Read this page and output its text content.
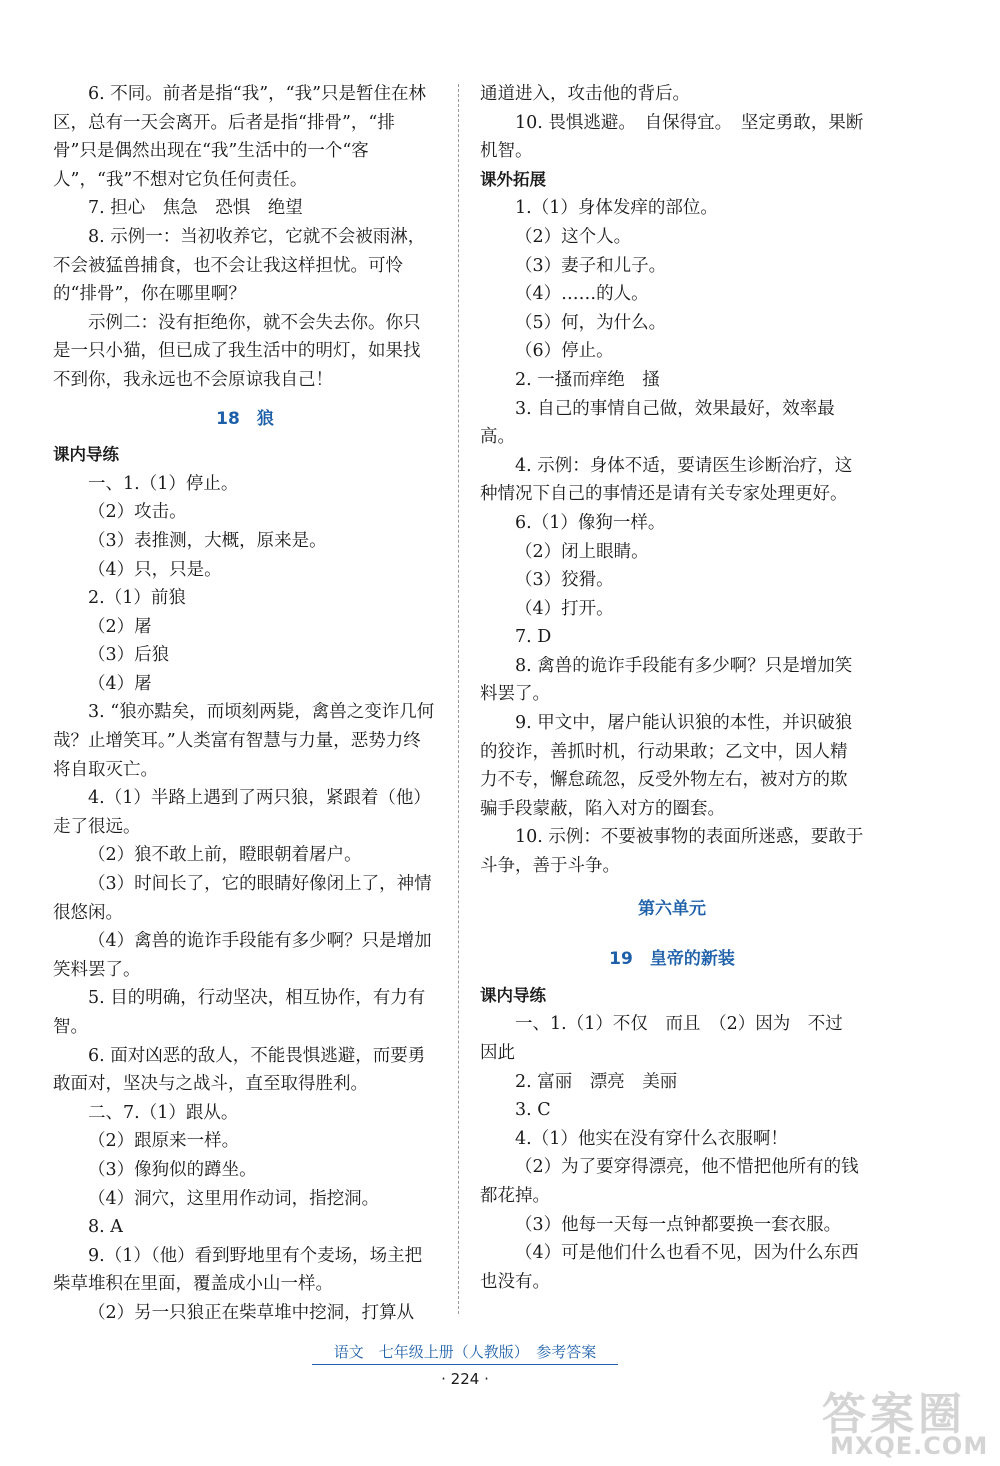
6. 不同。前者是指“我”，“我”只是暂住在林区，总有一天会离开。后者是指“排骨”，“排骨”只是偶然出现在“我”生活中的一个“客人”，“我”不想对它负任何责任。

7. 担心　焦急　恐惧　绝望

8. 示例一：当初收养它，它就不会被雨淋，不会被猛兽捕食，也不会让我这样担忧。可怜的“排骨”，你在哪里啊？

示例二：没有拒绝你，就不会失去你。你只是一只小猫，但已成了我生活中的明灯，如果找不到你，我永远也不会原谅我自己！

18　狼

课内导练

一、1.（1）停止。

（2）攻击。

（3）表推测，大概，原来是。

（4）只，只是。

2.（1）前狼

（2）屠

（3）后狼

（4）屠

3. “狼亦黠矣，而顷刻两毙，禽兽之变诈几何哉？止增笑耳。”人类富有智慧与力量，恶势力终将自取灭亡。

4.（1）半路上遇到了两只狼，紧跟着（他）走了很远。

（2）狼不敢上前，瞪眼朝着屠户。

（3）时间长了，它的眼睛好像闭上了，神情很悠闲。

（4）禽兽的诡诈手段能有多少啊？只是增加笑料罢了。

5. 目的明确，行动坚决，相互协作，有力有智。

6. 面对凶恶的敌人，不能畏惧逃避，而要勇敢面对，坚决与之战斗，直至取得胜利。

二、7.（1）跟从。

（2）跟原来一样。

（3）像狗似的蹲坐。

（4）洞穴，这里用作动词，指挖洞。

8. A

9.（1）（他）看到野地里有个麦场，场主把柴草堆积在里面，覆盖成小山一样。

（2）另一只狼正在柴草堆中挖洞，打算从

通道进入，攻击他的背后。

10. 畏惧逃避。　自保得宜。　坚定勇敢，果断机智。

课外拓展

1.（1）身体发痒的部位。

（2）这个人。

（3）妻子和儿子。

（4）……的人。

（5）何，为什么。

（6）停止。

2. 一搔而痒绝　搔

3. 自己的事情自己做，效果最好，效率最高。

4. 示例：身体不适，要请医生诊断治疗，这种情况下自己的事情还是请有关专家处理更好。

6.（1）像狗一样。

（2）闭上眼睛。

（3）狡猾。

（4）打开。

7. D

8. 禽兽的诡诈手段能有多少啊？只是增加笑料罢了。

9. 甲文中，屠户能认识狼的本性，并识破狼的狡诈，善抓时机，行动果敢；乙文中，因人精力不专，懈怠疏忽，反受外物左右，被对方的欺骗手段蒙蔽，陷入对方的圈套。

10. 示例：不要被事物的表面所迷惑，要敢于斗争，善于斗争。

第六单元

19　皇帝的新装

课内导练

一、1.（1）不仅　而且　（2）因为　不过　因此

2. 富丽　漂亮　美丽

3. C

4.（1）他实在没有穿什么衣服啊！

（2）为了要穿得漂亮，他不惜把他所有的钱都花掉。

（3）他每一天每一点钟都要换一套衣服。

（4）可是他们什么也看不见，因为什么东西也没有。

语文　七年级上册（人教版）　参考答案
· 224 ·
答案圈
MXQE.COM
